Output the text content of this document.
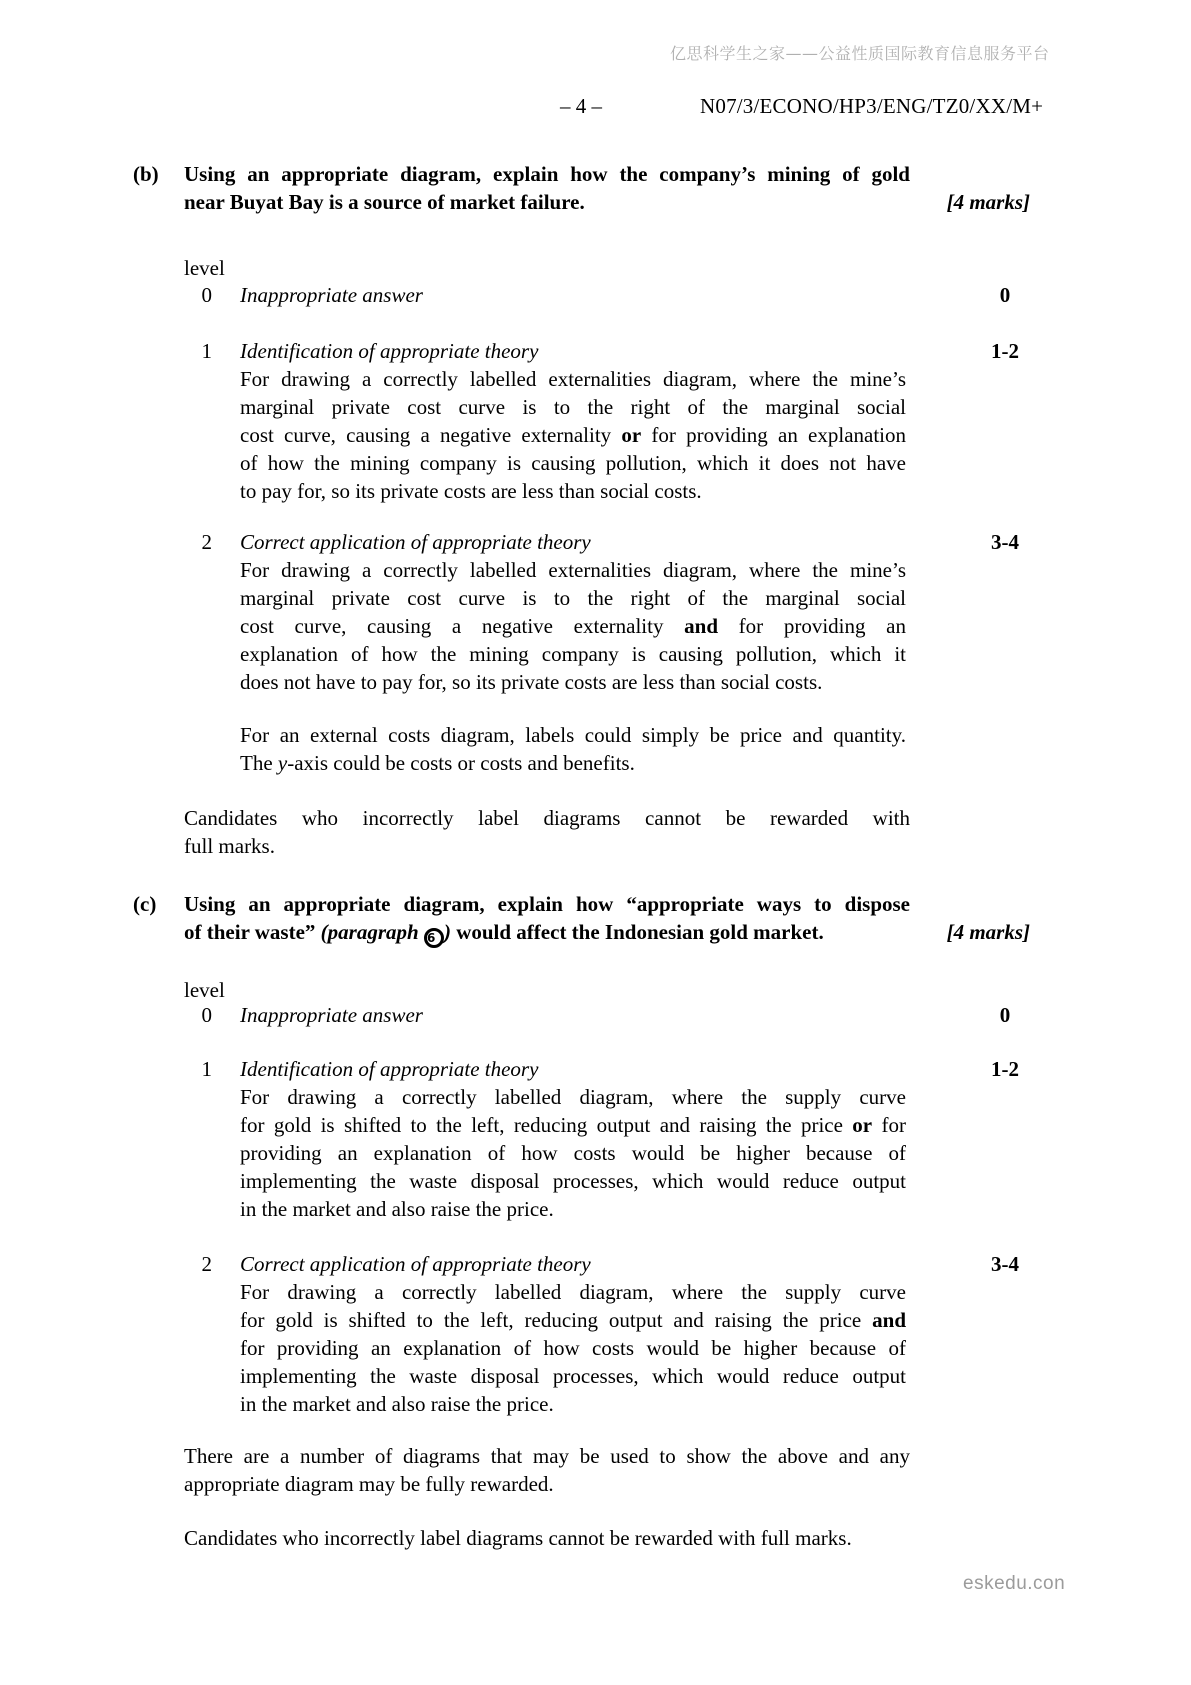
亿思科学生之家——公益性质国际教育信息服务平台
– 4 –	N07/3/ECONO/HP3/ENG/TZ0/XX/M+
(b) Using an appropriate diagram, explain how the company’s mining of gold
near Buyat Bay is a source of market failure.	[4 marks]
level
0 Inappropriate answer	0
1 Identification of appropriate theory	1-2
For drawing a correctly labelled externalities diagram, where the mine’s
marginal private cost curve is to the right of the marginal social
cost curve, causing a negative externality or for providing an explanation
of how the mining company is causing pollution, which it does not have
to pay for, so its private costs are less than social costs.
2 Correct application of appropriate theory	3-4
For drawing a correctly labelled externalities diagram, where the mine’s
marginal private cost curve is to the right of the marginal social
cost curve, causing a negative externality and for providing an
explanation of how the mining company is causing pollution, which it
does not have to pay for, so its private costs are less than social costs.
For an external costs diagram, labels could simply be price and quantity.
The y-axis could be costs or costs and benefits.
Candidates who incorrectly label diagrams cannot be rewarded with
full marks.
(c) Using an appropriate diagram, explain how “appropriate ways to dispose
of their waste” (paragraph 6 ) would affect the Indonesian gold market.	[4 marks]
level
0 Inappropriate answer	0
1 Identification of appropriate theory	1-2
For drawing a correctly labelled diagram, where the supply curve
for gold is shifted to the left, reducing output and raising the price or for
providing an explanation of how costs would be higher because of
implementing the waste disposal processes, which would reduce output
in the market and also raise the price.
2 Correct application of appropriate theory	3-4
For drawing a correctly labelled diagram, where the supply curve
for gold is shifted to the left, reducing output and raising the price and
for providing an explanation of how costs would be higher because of
implementing the waste disposal processes, which would reduce output
in the market and also raise the price.
There are a number of diagrams that may be used to show the above and any
appropriate diagram may be fully rewarded.
Candidates who incorrectly label diagrams cannot be rewarded with full marks.
eskedu.con
